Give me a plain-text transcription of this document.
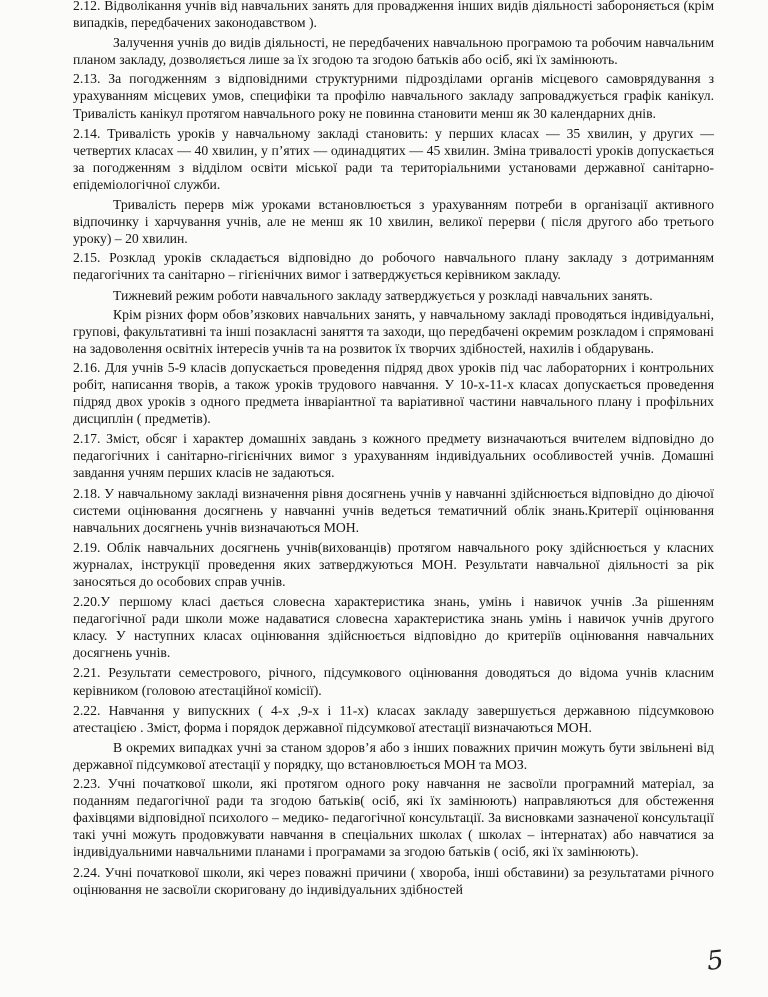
2.12. Відволікання учнів від навчальних занять для провадження інших видів діяльності забороняється (крім випадків, передбачених законодавством ).

Залучення учнів до видів діяльності, не передбачених навчальною програмою та робочим навчальним планом закладу, дозволяється лише за їх згодою та згодою батьків або осіб, які їх замінюють.

2.13. За погодженням з відповідними структурними підрозділами органів місцевого самоврядування з урахуванням місцевих умов, специфіки та профілю навчального закладу запроваджується графік канікул. Тривалість канікул протягом навчального року не повинна становити менш як 30 календарних днів.

2.14. Тривалість уроків у навчальному закладі становить: у перших класах — 35 хвилин, у других — четвертих класах — 40 хвилин, у п’ятих — одинадцятих — 45 хвилин. Зміна тривалості уроків допускається за погодженням з відділом освіти міської ради та територіальними установами державної санітарно-епідеміологічної служби.

Тривалість перерв між уроками встановлюється з урахуванням потреби в організації активного відпочинку і харчування учнів, але не менш як 10 хвилин, великої перерви ( після другого або третього уроку) – 20 хвилин.

2.15. Розклад уроків складається відповідно до робочого навчального плану закладу з дотриманням педагогічних та санітарно – гігієнічних вимог і затверджується керівником закладу.

Тижневий режим роботи навчального закладу затверджується у розкладі навчальних занять.

Крім різних форм обов’язкових навчальних занять, у навчальному закладі проводяться індивідуальні, групові, факультативні та інші позакласні заняття та заходи, що передбачені окремим розкладом і спрямовані на задоволення освітніх інтересів учнів та на розвиток їх творчих здібностей, нахилів і обдарувань.

2.16. Для учнів 5-9 класів допускається проведення підряд двох уроків під час лабораторних і контрольних робіт, написання творів, а також уроків трудового навчання. У 10-х-11-х класах допускається проведення підряд двох уроків з одного предмета інваріантної та варіативної частини навчального плану і профільних дисциплін ( предметів).

2.17. Зміст, обсяг і характер домашніх завдань з кожного предмету визначаються вчителем відповідно до педагогічних і санітарно-гігієнічних вимог з урахуванням індивідуальних особливостей учнів. Домашні завдання учням перших класів не задаються.

2.18. У навчальному закладі визначення рівня досягнень учнів у навчанні здійснюється відповідно до діючої системи оцінювання досягнень у навчанні учнів ведеться тематичний облік знань.Критерії оцінювання навчальних досягнень учнів визначаються МОН.

2.19. Облік навчальних досягнень учнів(вихованців) протягом навчального року здійснюється у класних журналах, інструкції проведення яких затверджуються МОН. Результати навчальної діяльності за рік заносяться до особових справ учнів.

2.20.У першому класі дається словесна характеристика знань, умінь і навичок учнів .За рішенням педагогічної ради школи може надаватися словесна характеристика знань умінь і навичок учнів другого класу. У наступних класах оцінювання здійснюється відповідно до критеріїв оцінювання навчальних досягнень учнів.

2.21. Результати семестрового, річного, підсумкового оцінювання доводяться до відома учнів класним керівником (головою атестаційної комісії).

2.22. Навчання у випускних ( 4-х ,9-х і 11-х) класах закладу завершується державною підсумковою атестацією . Зміст, форма і порядок державної підсумкової атестації визначаються МОН.

В окремих випадках учні за станом здоров’я або з інших поважних причин можуть бути звільнені від державної підсумкової атестації у порядку, що встановлюється МОН та МОЗ.

2.23. Учні початкової школи, які протягом одного року навчання не засвоїли програмний матеріал, за поданням педагогічної ради та згодою батьків( осіб, які їх замінюють) направляються для обстеження фахівцями відповідної психолого – медико- педагогічної консультації. За висновками зазначеної консультації такі учні можуть продовжувати навчання в спеціальних школах ( школах – інтернатах) або навчатися за індивідуальними навчальними планами і програмами за згодою батьків ( осіб, які їх замінюють).

2.24. Учні початкової школи, які через поважні причини ( хвороба, інші обставини) за результатами річного оцінювання не засвоїли скориговану до індивідуальних здібностей

5
